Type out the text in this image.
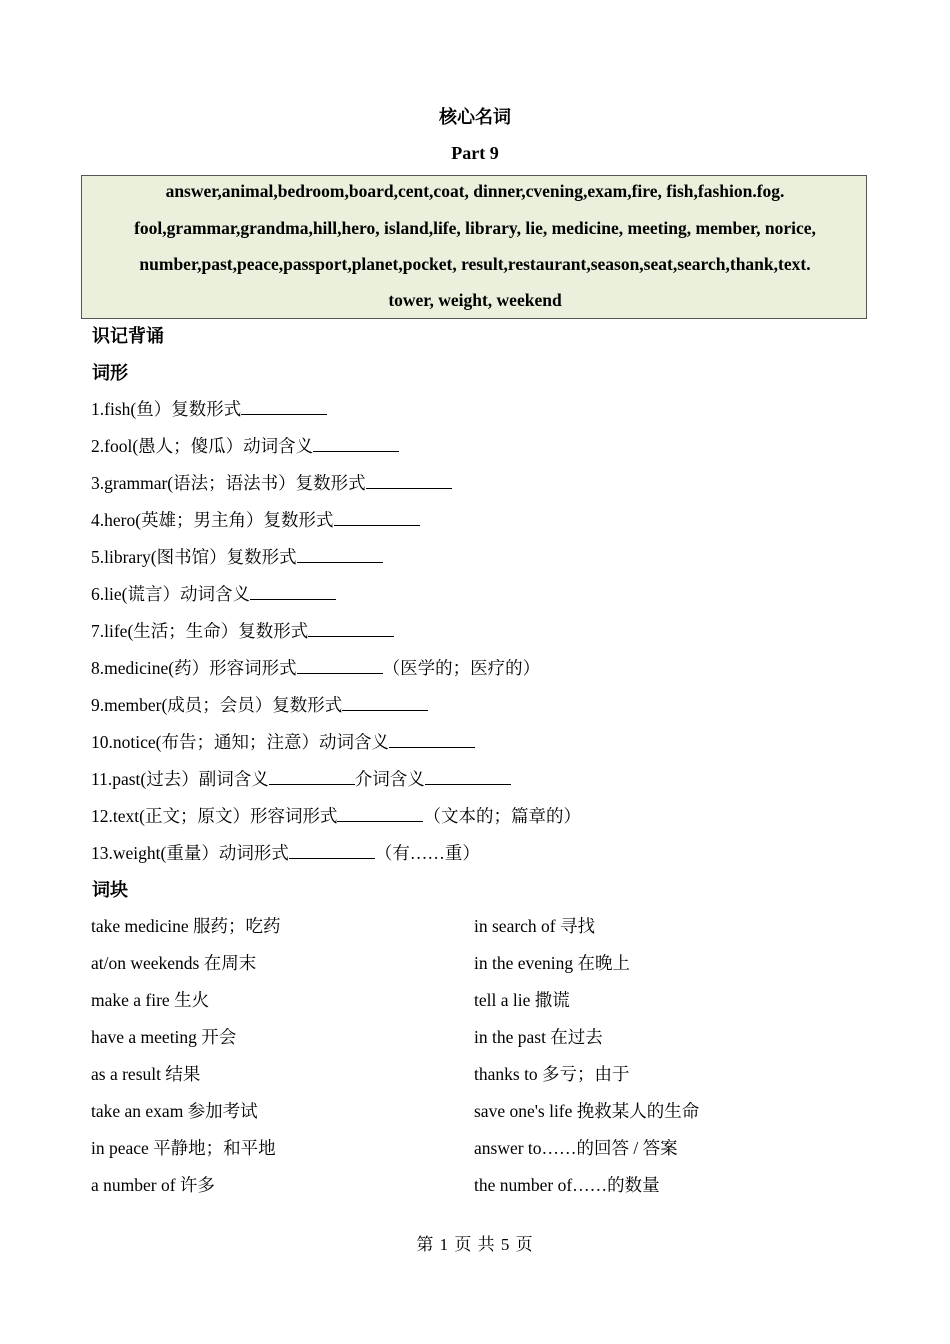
核心名词
Part 9
answer,animal,bedroom,board,cent,coat, dinner,cvening,exam,fire, fish,fashion.fog.
fool,grammar,grandma,hill,hero, island,life, library, lie, medicine, meeting, member, norice,
number,past,peace,passport,planet,pocket, result,restaurant,season,seat,search,thank,text.
tower, weight, weekend
识记背诵
词形
1.fish(鱼）复数形式
2.fool(愚人；傻瓜）动词含义
3.grammar(语法；语法书）复数形式
4.hero(英雄；男主角）复数形式
5.library(图书馆）复数形式
6.lie(谎言）动词含义
7.life(生活；生命）复数形式
8.medicine(药）形容词形式	（医学的；医疗的）
9.member(成员；会员）复数形式
10.notice(布告；通知；注意）动词含义
11.past(过去）副词含义	介词含义
12.text(正文；原文）形容词形式	（文本的；篇章的）
13.weight(重量）动词形式	（有……重）
词块
take medicine 服药；吃药	in search of 寻找
at/on weekends 在周末	in the evening 在晚上
make a fire 生火	tell a lie 撒谎
have a meeting 开会	in the past 在过去
as a result 结果	thanks to 多亏；由于
take an exam 参加考试	save one's life 挽救某人的生命
in peace 平静地；和平地	answer to……的回答 / 答案
a number of 许多	the number of……的数量
第 1 页 共 5 页
